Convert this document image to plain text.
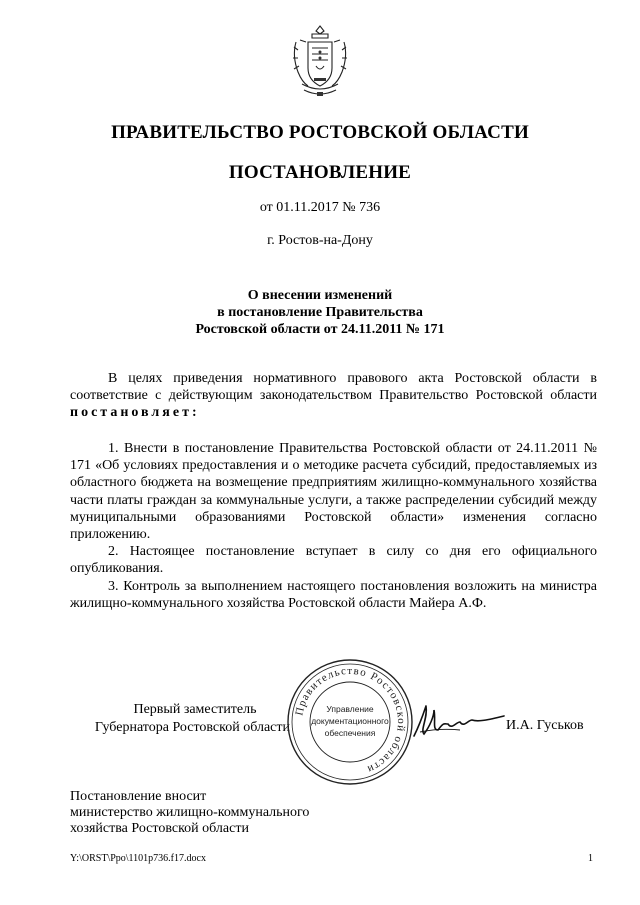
ПРАВИТЕЛЬСТВО РОСТОВСКОЙ ОБЛАСТИ
ПОСТАНОВЛЕНИЕ
от 01.11.2017 № 736
г. Ростов-на-Дону
О внесении изменений
в постановление Правительства
Ростовской области от 24.11.2011 № 171
В целях приведения нормативного правового акта Ростовской области в соответствие с действующим законодательством Правительство Ростовской области постановляет:

1. Внести в постановление Правительства Ростовской области от 24.11.2011 № 171 «Об условиях предоставления и о методике расчета субсидий, предоставляемых из областного бюджета на возмещение предприятиям жилищно-коммунального хозяйства части платы граждан за коммунальные услуги, а также распределении субсидий между муниципальными образованиями Ростовской области» изменения согласно приложению.

2. Настоящее постановление вступает в силу со дня его официального опубликования.

3. Контроль за выполнением настоящего постановления возложить на министра жилищно-коммунального хозяйства Ростовской области Майера А.Ф.

Первый заместитель
Губернатора Ростовской области
Правительство Ростовской области
Управление
документационного
обеспечения	И.А. Гуськов
Постановление вносит
министерство жилищно-коммунального
хозяйства Ростовской области
Y:\ORST\Ppo\1101p736.f17.docx	1
